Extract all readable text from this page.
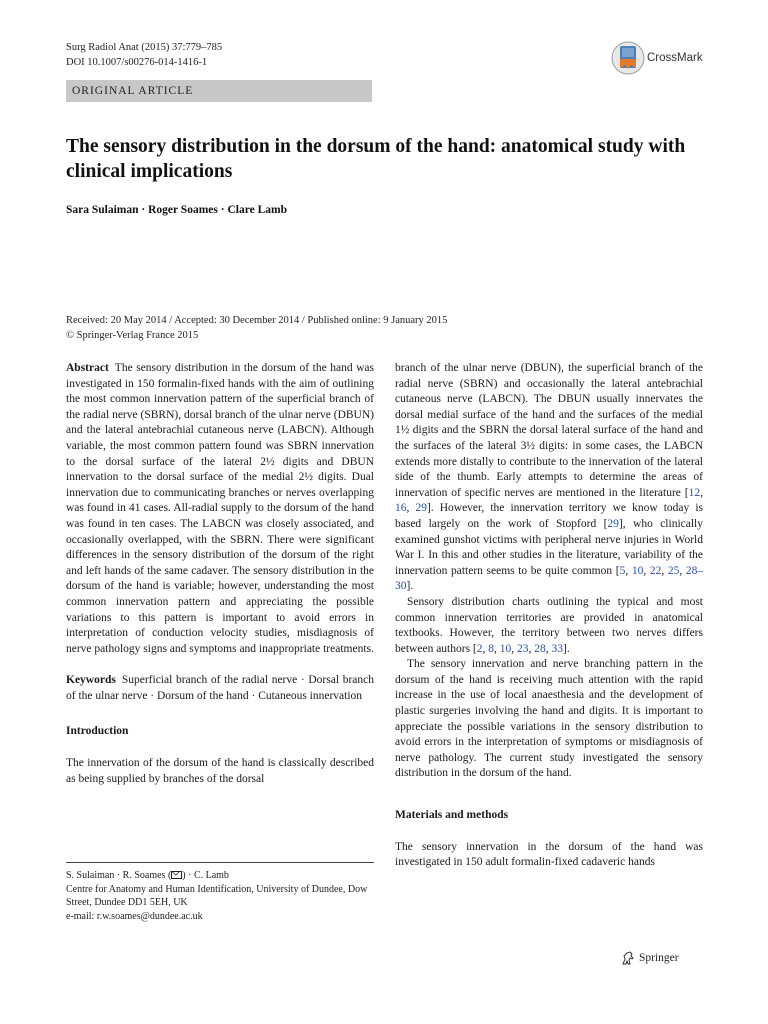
Surg Radiol Anat (2015) 37:779–785
DOI 10.1007/s00276-014-1416-1	CrossMark
ORIGINAL ARTICLE
The sensory distribution in the dorsum of the hand: anatomical study with clinical implications
Sara Sulaiman · Roger Soames · Clare Lamb
Received: 20 May 2014 / Accepted: 30 December 2014 / Published online: 9 January 2015
© Springer-Verlag France 2015

Abstract The sensory distribution in the dorsum of the hand was investigated in 150 formalin-fixed hands with the aim of outlining the most common innervation pattern of the superficial branch of the radial nerve (SBRN), dorsal branch of the ulnar nerve (DBUN) and the lateral antebrachial cutaneous nerve (LABCN). Although variable, the most common pattern found was SBRN innervation to the dorsal surface of the lateral 2½ digits and DBUN innervation to the dorsal surface of the medial 2½ digits. Dual innervation due to communicating branches or nerves overlapping was found in 41 cases. All-radial supply to the dorsum of the hand was found in ten cases. The LABCN was closely associated, and occasionally overlapped, with the SBRN. There were significant differences in the sensory distribution of the dorsum of the right and left hands of the same cadaver. The sensory distribution in the dorsum of the hand is variable; however, understanding the most common innervation pattern and appreciating the possible variations to this pattern is important to avoid errors in interpretation of conduction velocity studies, misdiagnosis of nerve pathology signs and symptoms and inappropriate treatments.

Keywords Superficial branch of the radial nerve · Dorsal branch of the ulnar nerve · Dorsum of the hand · Cutaneous innervation

Introduction

The innervation of the dorsum of the hand is classically described as being supplied by branches of the dorsal

branch of the ulnar nerve (DBUN), the superficial branch of the radial nerve (SBRN) and occasionally the lateral antebrachial cutaneous nerve (LABCN). The DBUN usually innervates the dorsal medial surface of the hand and the surfaces of the medial 1½ digits and the SBRN the dorsal lateral surface of the hand and the surfaces of the lateral 3½ digits: in some cases, the LABCN extends more distally to contribute to the innervation of the lateral side of the thumb. Early attempts to determine the areas of innervation of specific nerves are mentioned in the literature [12, 16, 29]. However, the innervation territory we know today is based largely on the work of Stopford [29], who clinically examined gunshot victims with peripheral nerve injuries in World War I. In this and other studies in the literature, variability of the innervation pattern seems to be quite common [5, 10, 22, 25, 28–30].

Sensory distribution charts outlining the typical and most common innervation territories are provided in anatomical textbooks. However, the territory between two nerves differs between authors [2, 8, 10, 23, 28, 33].

The sensory innervation and nerve branching pattern in the dorsum of the hand is receiving much attention with the rapid increase in the use of local anaesthesia and the development of plastic surgeries involving the hand and digits. It is important to appreciate the possible variations in the sensory distribution to avoid errors in the interpretation of symptoms or misdiagnosis of nerve pathology. The current study investigated the sensory distribution in the dorsum of the hand.

Materials and methods

The sensory innervation in the dorsum of the hand was investigated in 150 adult formalin-fixed cadaveric hands

S. Sulaiman · R. Soames ( ) · C. Lamb
Centre for Anatomy and Human Identification, University of Dundee, Dow Street, Dundee DD1 5EH, UK
e-mail: r.w.soames@dundee.ac.uk
Springer
